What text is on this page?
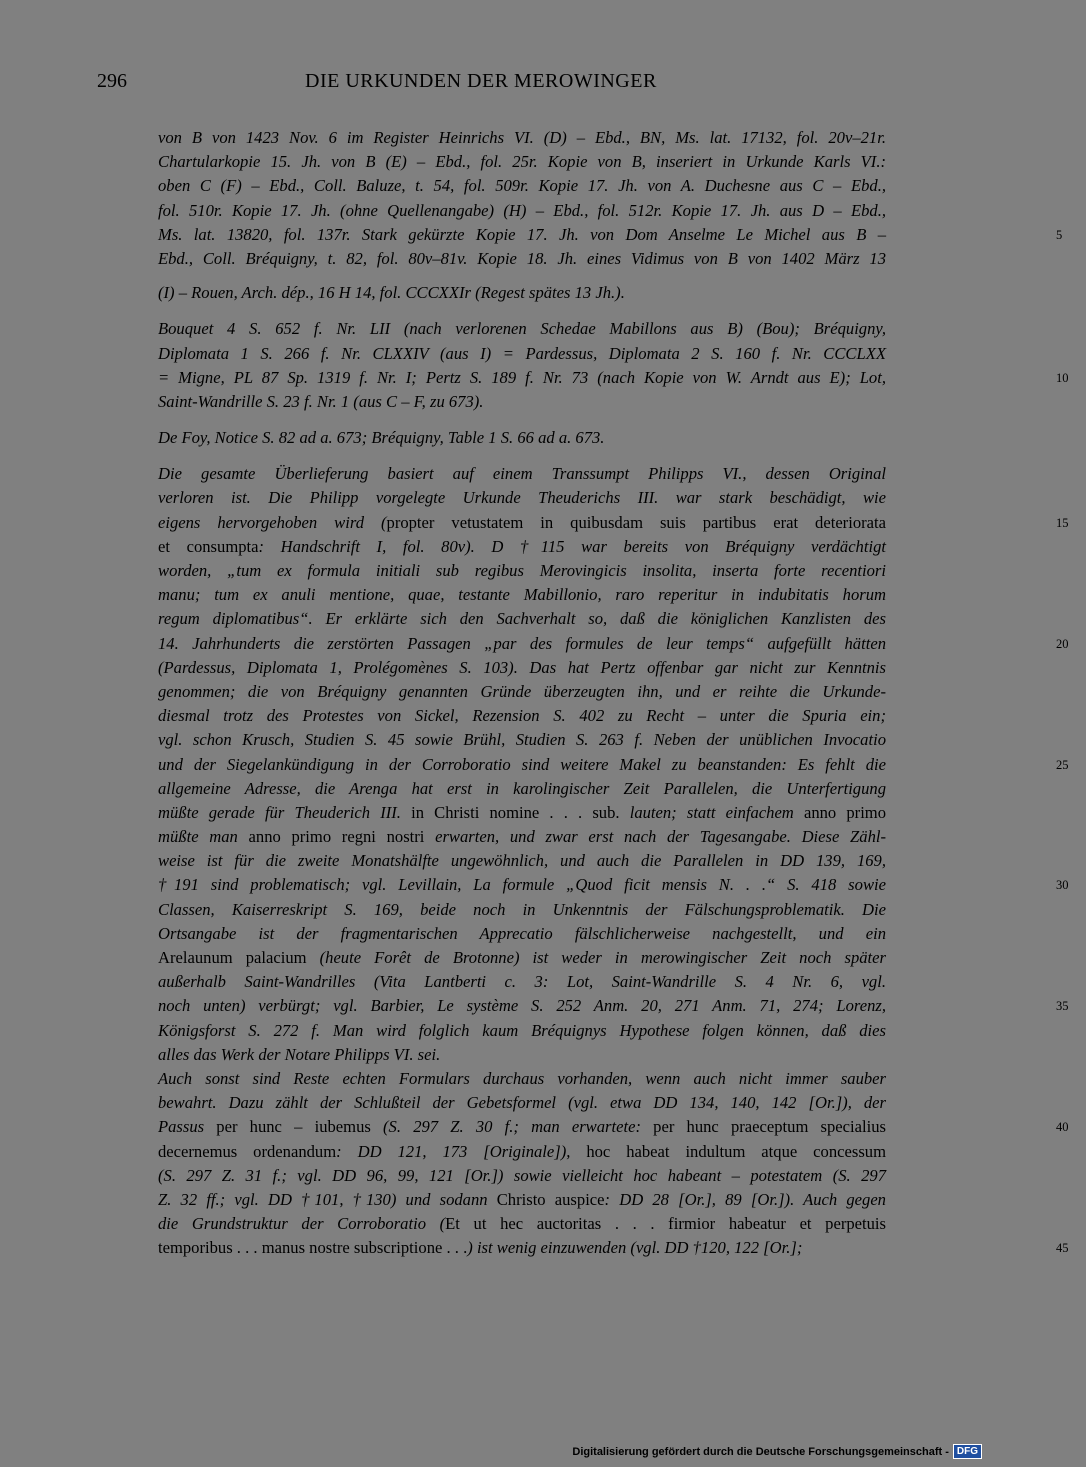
296	DIE URKUNDEN DER MEROWINGER
5
10
15
20
25
30
35
40
45
von B von 1423 Nov. 6 im Register Heinrichs VI. (D) – Ebd., BN, Ms. lat. 17132, fol. 20v–21r.
Chartularkopie 15. Jh. von B (E) – Ebd., fol. 25r. Kopie von B, inseriert in Urkunde Karls VI.:
oben C (F) – Ebd., Coll. Baluze, t. 54, fol. 509r. Kopie 17. Jh. von A. Duchesne aus C – Ebd.,
fol. 510r. Kopie 17. Jh. (ohne Quellenangabe) (H) – Ebd., fol. 512r. Kopie 17. Jh. aus D – Ebd.,
Ms. lat. 13820, fol. 137r. Stark gekürzte Kopie 17. Jh. von Dom Anselme Le Michel aus B –
Ebd., Coll. Bréquigny, t. 82, fol. 80v–81v. Kopie 18. Jh. eines Vidimus von B von 1402 März 13
(I) – Rouen, Arch. dép., 16 H 14, fol. CCCXXIr (Regest spätes 13 Jh.).
Bouquet 4 S. 652 f. Nr. LII (nach verlorenen Schedae Mabillons aus B) (Bou); Bréquigny,
Diplomata 1 S. 266 f. Nr. CLXXIV (aus I) = Pardessus, Diplomata 2 S. 160 f. Nr. CCCLXX
= Migne, PL 87 Sp. 1319 f. Nr. I; Pertz S. 189 f. Nr. 73 (nach Kopie von W. Arndt aus E); Lot,
Saint-Wandrille S. 23 f. Nr. 1 (aus C – F, zu 673).
De Foy, Notice S. 82 ad a. 673; Bréquigny, Table 1 S. 66 ad a. 673.
Die gesamte Überlieferung basiert auf einem Transsumpt Philipps VI., dessen Original
verloren ist. Die Philipp vorgelegte Urkunde Theuderichs III. war stark beschädigt, wie
eigens hervorgehoben wird (propter vetustatem in quibusdam suis partibus erat deteriorata
et consumpta: Handschrift I, fol. 80v). D †115 war bereits von Bréquigny verdächtigt
worden, „tum ex formula initiali sub regibus Merovingicis insolita, inserta forte recentiori
manu; tum ex anuli mentione, quae, testante Mabillonio, raro reperitur in indubitatis horum
regum diplomatibus“. Er erklärte sich den Sachverhalt so, daß die königlichen Kanzlisten des
14. Jahrhunderts die zerstörten Passagen „par des formules de leur temps“ aufgefüllt hätten
(Pardessus, Diplomata 1, Prolégomènes S. 103). Das hat Pertz offenbar gar nicht zur Kenntnis
genommen; die von Bréquigny genannten Gründe überzeugten ihn, und er reihte die Urkunde-
diesmal trotz des Protestes von Sickel, Rezension S. 402 zu Recht – unter die Spuria ein;
vgl. schon Krusch, Studien S. 45 sowie Brühl, Studien S. 263 f. Neben der unüblichen Invocatio
und der Siegelankündigung in der Corroboratio sind weitere Makel zu beanstanden: Es fehlt die
allgemeine Adresse, die Arenga hat erst in karolingischer Zeit Parallelen, die Unterfertigung
müßte gerade für Theuderich III. in Christi nomine . . . sub. lauten; statt einfachem anno primo
müßte man anno primo regni nostri erwarten, und zwar erst nach der Tagesangabe. Diese Zähl-
weise ist für die zweite Monatshälfte ungewöhnlich, und auch die Parallelen in DD 139, 169,
†191 sind problematisch; vgl. Levillain, La formule „Quod ficit mensis N. . .“ S. 418 sowie
Classen, Kaiserreskript S. 169, beide noch in Unkenntnis der Fälschungsproblematik. Die
Ortsangabe ist der fragmentarischen Apprecatio fälschlicherweise nachgestellt, und ein
Arelaunum palacium (heute Forêt de Brotonne) ist weder in merowingischer Zeit noch später
außerhalb Saint-Wandrilles (Vita Lantberti c. 3: Lot, Saint-Wandrille S. 4 Nr. 6, vgl.
noch unten) verbürgt; vgl. Barbier, Le système S. 252 Anm. 20, 271 Anm. 71, 274; Lorenz,
Königsforst S. 272 f. Man wird folglich kaum Bréquignys Hypothese folgen können, daß dies
alles das Werk der Notare Philipps VI. sei.
Auch sonst sind Reste echten Formulars durchaus vorhanden, wenn auch nicht immer sauber
bewahrt. Dazu zählt der Schlußteil der Gebetsformel (vgl. etwa DD 134, 140, 142 [Or.]), der
Passus per hunc – iubemus (S. 297 Z. 30 f.; man erwartete: per hunc praeceptum specialius
decernemus ordenandum: DD 121, 173 [Originale]), hoc habeat indultum atque concessum
(S. 297 Z. 31 f.; vgl. DD 96, 99, 121 [Or.]) sowie vielleicht hoc habeant – potestatem (S. 297
Z. 32 ff.; vgl. DD †101, †130) und sodann Christo auspice: DD 28 [Or.], 89 [Or.]). Auch gegen
die Grundstruktur der Corroboratio (Et ut hec auctoritas . . . firmior habeatur et perpetuis
temporibus . . . manus nostre subscriptione . . .) ist wenig einzuwenden (vgl. DD †120, 122 [Or.];
Digitalisierung gefördert durch die Deutsche Forschungsgemeinschaft - DFG
